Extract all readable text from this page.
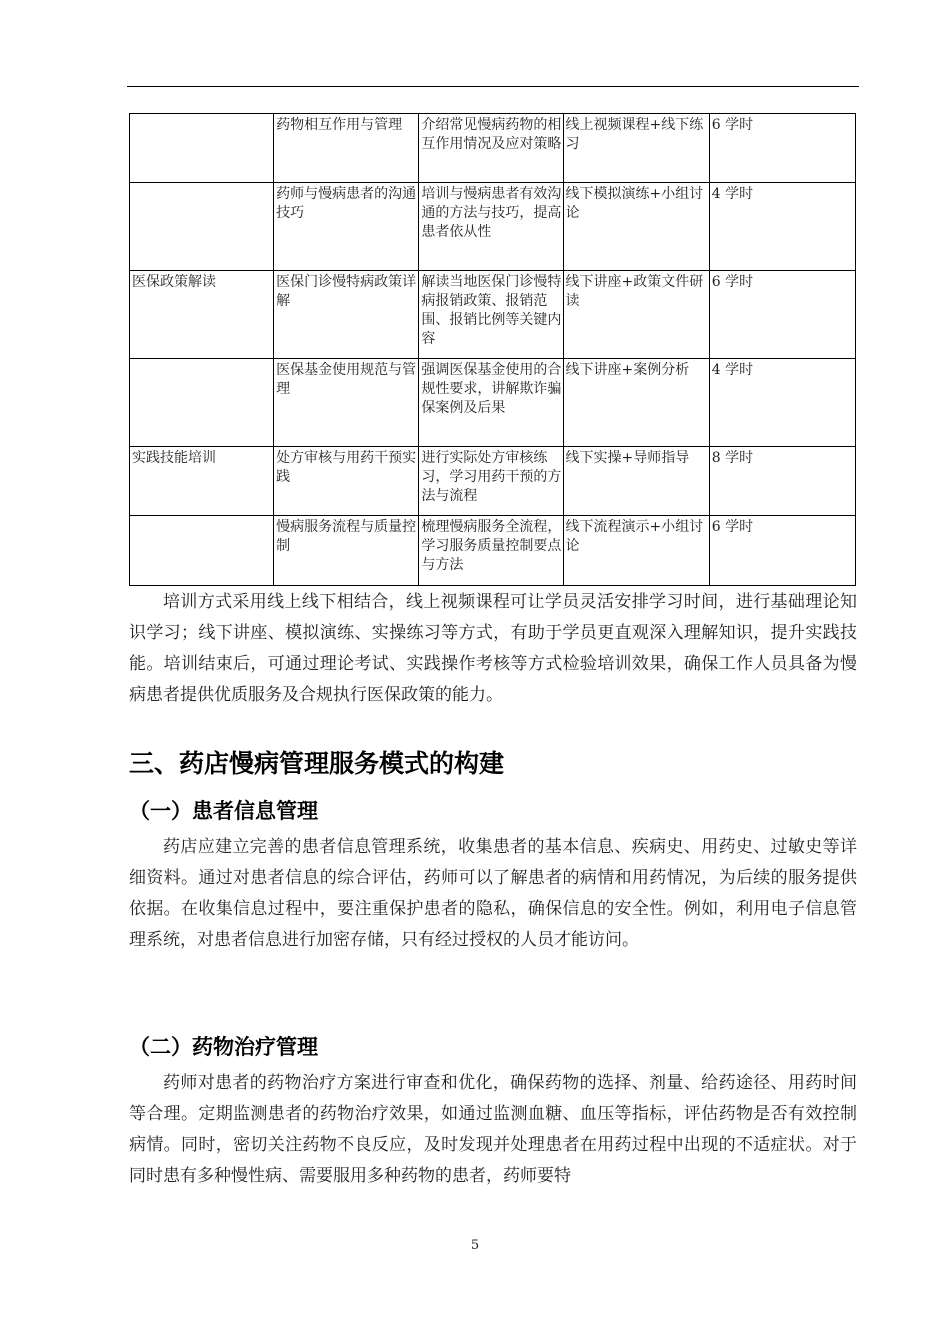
	药物相互作用与管理	介绍常见慢病药物的相互作用情况及应对策略	线上视频课程+线下练习	6 学时
	药师与慢病患者的沟通技巧	培训与慢病患者有效沟通的方法与技巧，提高患者依从性	线下模拟演练+小组讨论	4 学时
医保政策解读	医保门诊慢特病政策详解	解读当地医保门诊慢特病报销政策、报销范围、报销比例等关键内容	线下讲座+政策文件研读	6 学时
	医保基金使用规范与管理	强调医保基金使用的合规性要求，讲解欺诈骗保案例及后果	线下讲座+案例分析	4 学时
实践技能培训	处方审核与用药干预实践	进行实际处方审核练习，学习用药干预的方法与流程	线下实操+导师指导	8 学时
	慢病服务流程与质量控制	梳理慢病服务全流程，学习服务质量控制要点与方法	线下流程演示+小组讨论	6 学时

培训方式采用线上线下相结合，线上视频课程可让学员灵活安排学习时间，进行基础理论知识学习；线下讲座、模拟演练、实操练习等方式，有助于学员更直观深入理解知识，提升实践技能。培训结束后，可通过理论考试、实践操作考核等方式检验培训效果，确保工作人员具备为慢病患者提供优质服务及合规执行医保政策的能力。

三、药店慢病管理服务模式的构建
（一）患者信息管理

药店应建立完善的患者信息管理系统，收集患者的基本信息、疾病史、用药史、过敏史等详细资料。通过对患者信息的综合评估，药师可以了解患者的病情和用药情况，为后续的服务提供依据。在收集信息过程中，要注重保护患者的隐私，确保信息的安全性。例如，利用电子信息管理系统，对患者信息进行加密存储，只有经过授权的人员才能访问。

（二）药物治疗管理

药师对患者的药物治疗方案进行审查和优化，确保药物的选择、剂量、给药途径、用药时间等合理。定期监测患者的药物治疗效果，如通过监测血糖、血压等指标，评估药物是否有效控制病情。同时，密切关注药物不良反应，及时发现并处理患者在用药过程中出现的不适症状。对于同时患有多种慢性病、需要服用多种药物的患者，药师要特

5
